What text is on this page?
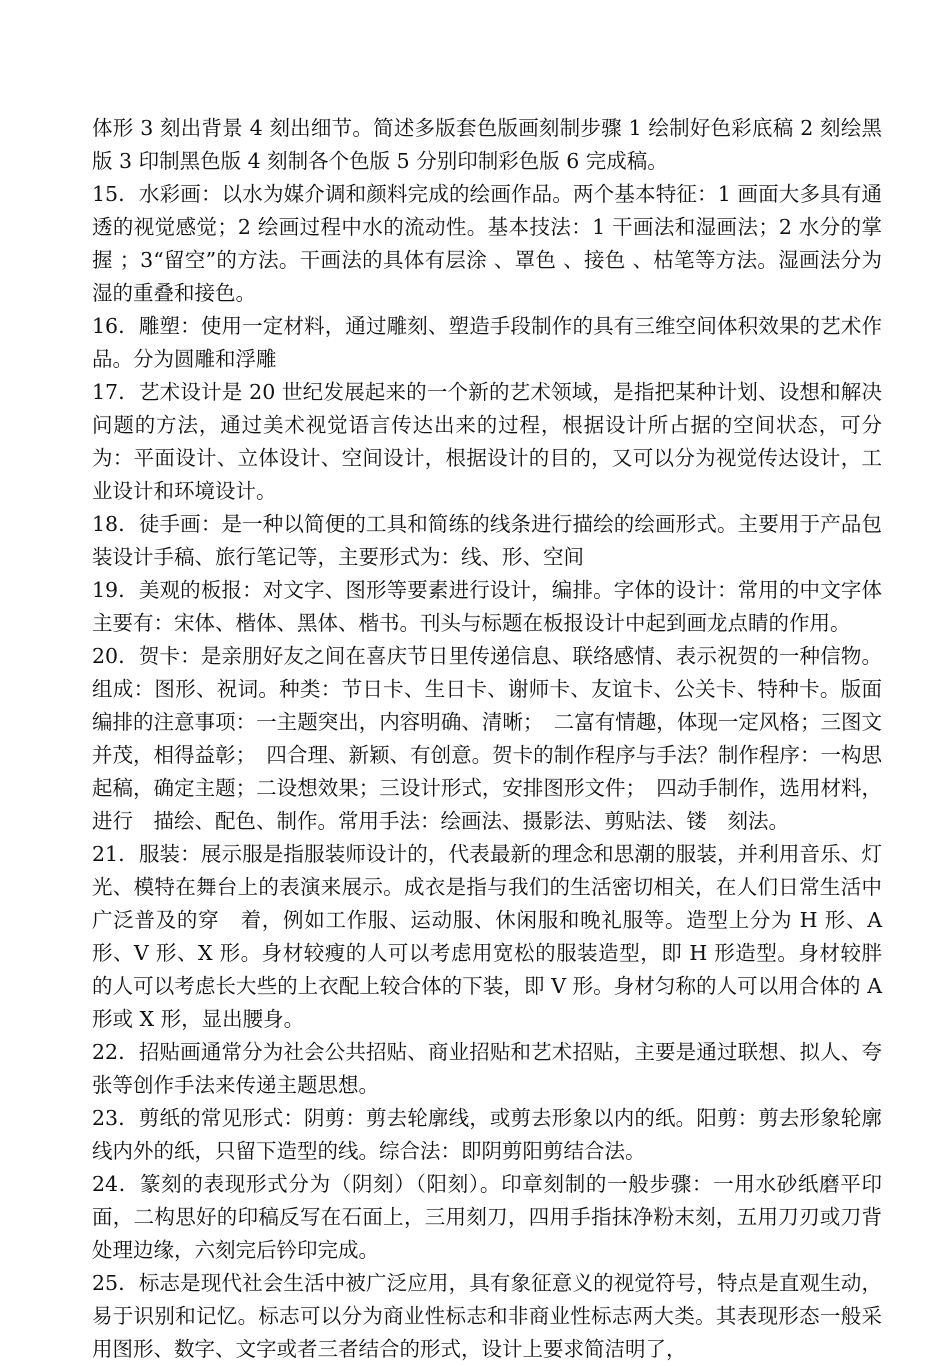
体形 3 刻出背景 4 刻出细节。简述多版套色版画刻制步骤 1 绘制好色彩底稿 2 刻绘黑版 3 印制黑色版 4 刻制各个色版 5 分别印制彩色版 6 完成稿。

15．水彩画：以水为媒介调和颜料完成的绘画作品。两个基本特征：1 画面大多具有通透的视觉感觉；2 绘画过程中水的流动性。基本技法：1 干画法和湿画法；2 水分的掌握 ；3“留空”的方法。干画法的具体有层涂 、罩色 、接色 、枯笔等方法。湿画法分为湿的重叠和接色。

16．雕塑：使用一定材料，通过雕刻、塑造手段制作的具有三维空间体积效果的艺术作品。分为圆雕和浮雕

17．艺术设计是 20 世纪发展起来的一个新的艺术领域，是指把某种计划、设想和解决问题的方法，通过美术视觉语言传达出来的过程，根据设计所占据的空间状态，可分为：平面设计、立体设计、空间设计，根据设计的目的，又可以分为视觉传达设计，工业设计和环境设计。

18．徒手画：是一种以简便的工具和简练的线条进行描绘的绘画形式。主要用于产品包装设计手稿、旅行笔记等，主要形式为：线、形、空间

19．美观的板报：对文字、图形等要素进行设计，编排。字体的设计：常用的中文字体主要有：宋体、楷体、黑体、楷书。刊头与标题在板报设计中起到画龙点睛的作用。

20．贺卡：是亲朋好友之间在喜庆节日里传递信息、联络感情、表示祝贺的一种信物。组成：图形、祝词。种类：节日卡、生日卡、谢师卡、友谊卡、公关卡、特种卡。版面编排的注意事项：一主题突出，内容明确、清晰；　二富有情趣，体现一定风格；三图文并茂，相得益彰；　四合理、新颖、有创意。贺卡的制作程序与手法？制作程序：一构思起稿，确定主题；二设想效果；三设计形式，安排图形文件；　四动手制作，选用材料，进行　描绘、配色、制作。常用手法：绘画法、摄影法、剪贴法、镂　刻法。

21．服装：展示服是指服装师设计的，代表最新的理念和思潮的服装，并利用音乐、灯光、模特在舞台上的表演来展示。成衣是指与我们的生活密切相关，在人们日常生活中广泛普及的穿　着，例如工作服、运动服、休闲服和晚礼服等。造型上分为 H 形、A 形、V 形、X 形。身材较瘦的人可以考虑用宽松的服装造型，即 H 形造型。身材较胖的人可以考虑长大些的上衣配上较合体的下装，即 V 形。身材匀称的人可以用合体的 A 形或 X 形，显出腰身。

22．招贴画通常分为社会公共招贴、商业招贴和艺术招贴，主要是通过联想、拟人、夸张等创作手法来传递主题思想。

23．剪纸的常见形式：阴剪：剪去轮廓线，或剪去形象以内的纸。阳剪：剪去形象轮廓线内外的纸，只留下造型的线。综合法：即阴剪阳剪结合法。

24．篆刻的表现形式分为（阴刻）（阳刻）。印章刻制的一般步骤：一用水砂纸磨平印面，二构思好的印稿反写在石面上，三用刻刀，四用手指抹净粉末刻，五用刀刃或刀背处理边缘，六刻完后钤印完成。

25．标志是现代社会生活中被广泛应用，具有象征意义的视觉符号，特点是直观生动，易于识别和记忆。标志可以分为商业性标志和非商业性标志两大类。其表现形态一般采用图形、数字、文字或者三者结合的形式，设计上要求简洁明了，
